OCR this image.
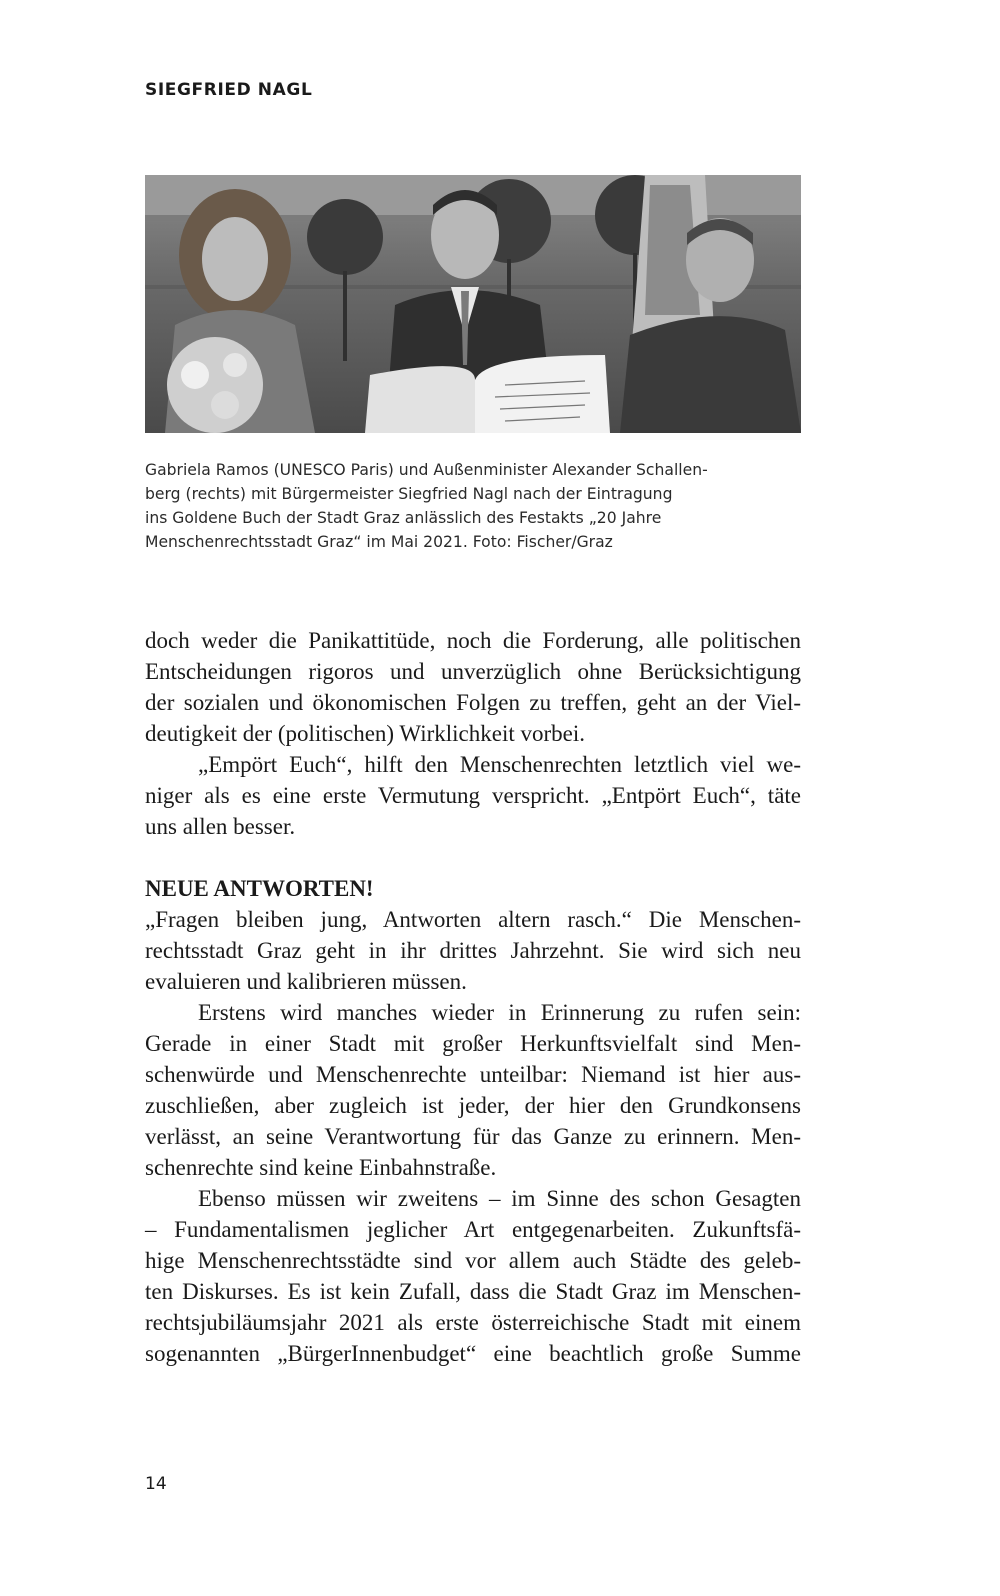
SIEGFRIED NAGL
Gabriela Ramos (UNESCO Paris) und Außenminister Alexander Schallen-
berg (rechts) mit Bürgermeister Siegfried Nagl nach der Eintragung
ins Goldene Buch der Stadt Graz anlässlich des Festakts „20 Jahre
Menschenrechtsstadt Graz“ im Mai 2021. Foto: Fischer/Graz
doch weder die Panikattitüde, noch die Forderung, alle politischen
Entscheidungen rigoros und unverzüglich ohne Berücksichtigung
der sozialen und ökonomischen Folgen zu treffen, geht an der Viel-
deutigkeit der (politischen) Wirklichkeit vorbei.
„Empört Euch“, hilft den Menschenrechten letztlich viel we-
niger als es eine erste Vermutung verspricht. „Entpört Euch“, täte
uns allen besser.
NEUE ANTWORTEN!
„Fragen bleiben jung, Antworten altern rasch.“ Die Menschen-
rechtsstadt Graz geht in ihr drittes Jahrzehnt. Sie wird sich neu
evaluieren und kalibrieren müssen.
Erstens wird manches wieder in Erinnerung zu rufen sein:
Gerade in einer Stadt mit großer Herkunftsvielfalt sind Men-
schenwürde und Menschenrechte unteilbar: Niemand ist hier aus-
zuschließen, aber zugleich ist jeder, der hier den Grundkonsens
verlässt, an seine Verantwortung für das Ganze zu erinnern. Men-
schenrechte sind keine Einbahnstraße.
Ebenso müssen wir zweitens – im Sinne des schon Gesagten
– Fundamentalismen jeglicher Art entgegenarbeiten. Zukunftsfä-
hige Menschenrechtsstädte sind vor allem auch Städte des geleb-
ten Diskurses. Es ist kein Zufall, dass die Stadt Graz im Menschen-
rechtsjubiläumsjahr 2021 als erste österreichische Stadt mit einem
sogenannten „BürgerInnenbudget“ eine beachtlich große Summe
14
